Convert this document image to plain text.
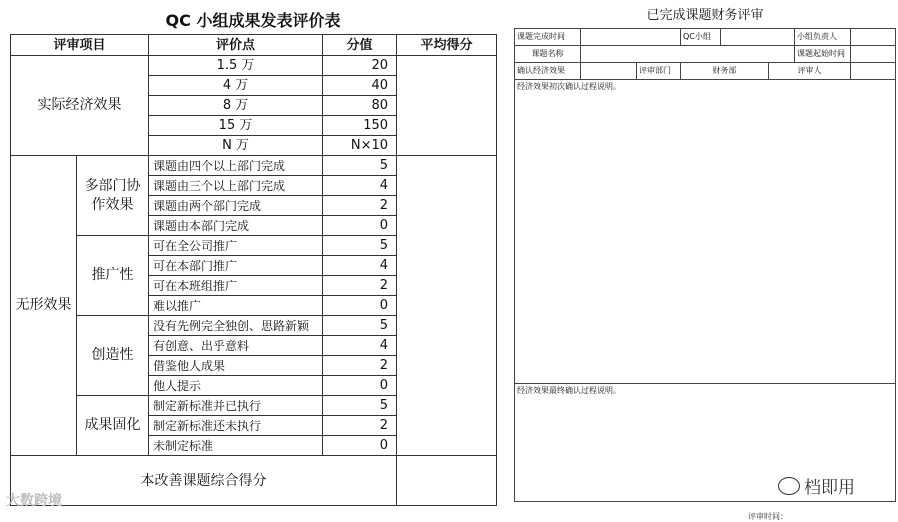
QC 小组成果发表评价表
评审项目		评价点	分值	平均得分
实际经济效果		1.5 万	20	
		4 万	40	
		8 万	80	
		15 万	150	
		N 万	N×10	
无形效果	多部门协作效果	课题由四个以上部门完成	5	
		课题由三个以上部门完成	4	
		课题由两个部门完成	2	
		课题由本部门完成	0	
	推广性	可在全公司推广	5	
		可在本部门推广	4	
		可在本班组推广	2	
		难以推广	0	
	创造性	没有先例完全独创、思路新颖	5	
		有创意、出乎意料	4	
		借鉴他人成果	2	
		他人提示	0	
	成果固化	制定新标准并已执行	5	
		制定新标准还未执行	2	
		未制定标准	0	
本改善课题综合得分				
已完成课题财务评审
课题完成时间			QC小组			小组负责人	
课题名称						课题起始时间	
确认经济效果		评审部门	财务部		评审人		
经济效果初次确认过程说明。							
经济效果最终确认过程说明。							
大数跨境
档即用
评审时间：
